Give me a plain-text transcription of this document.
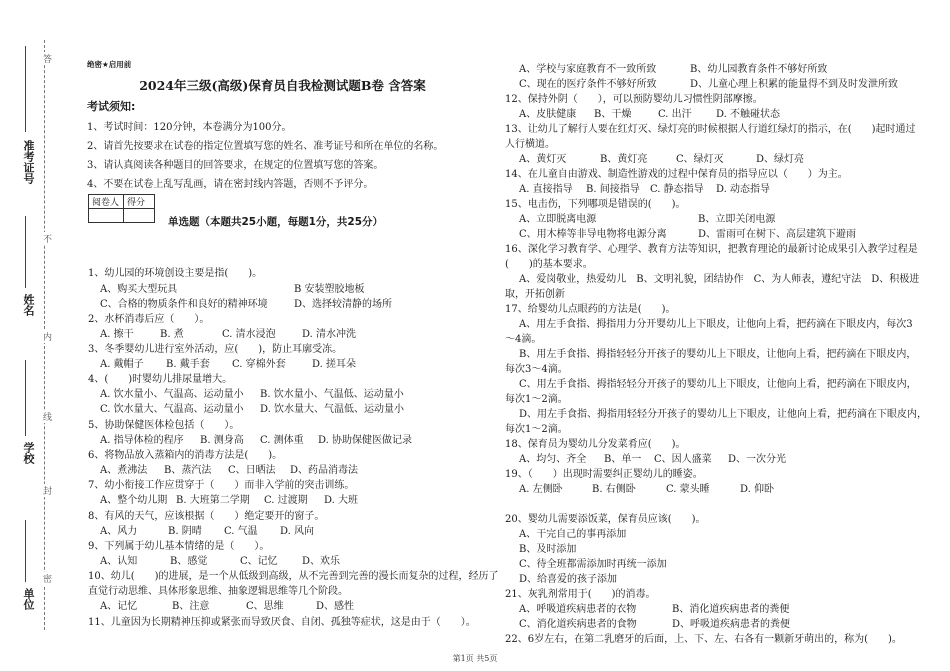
答
不
内
线
封
密
准考证号
姓名
学校
单位
绝密★启用前
2024年三级(高级)保育员自我检测试题B卷 含答案
考试须知:
1、考试时间：120分钟，本卷满分为100分。
2、请首先按要求在试卷的指定位置填写您的姓名、准考证号和所在单位的名称。
3、请认真阅读各种题目的回答要求，在规定的位置填写您的答案。
4、不要在试卷上乱写乱画，请在密封线内答题，否则不予评分。
阅卷人	得分

单选题（本题共25小题，每题1分，共25分）
1、幼儿园的环境创设主要是指(　　)。
A、购买大型玩具	B 安装塑胶地板
C、合格的物质条件和良好的精神环境	D、选择较清静的场所
2、水杯消毒后应（　　）。
A. 擦干	B. 煮	C. 清水浸泡	D. 清水冲洗
3、冬季婴幼儿进行室外活动，应(　　)，防止耳廓受冻。
A. 戴帽子 B. 戴手套 C. 穿棉外套	D. 搓耳朵
4、(　　)时婴幼儿排尿量增大。
A. 饮水量小、气温高、运动量小 B. 饮水量小、气温低、运动量小
C. 饮水量大、气温高、运动量小 D. 饮水量大、气温低、运动量小
5、协助保健医体检包括（　　）。
A. 指导体检的程序 B. 测身高 C. 测体重 D. 协助保健医做记录
6、将物品放入蒸箱内的消毒方法是(　　)。
A、煮沸法 B、蒸汽法 C、日晒法 D、药品消毒法
7、幼小衔接工作应贯穿于（　　）而非入学前的突击训练。
A、整个幼儿期 B. 大班第二学期 C. 过渡期 D. 大班
8、有风的天气，应该根据（　　）绝定要开的窗子。
A、风力	B. 阴晴 C. 气温 D. 风向
9、下列属于幼儿基本情绪的是（　　）。
A、认知	B、感觉	C、记忆 D、欢乐
10、幼儿(　　)的进展，是一个从低级到高级，从不完善到完善的漫长而复杂的过程，经历了
直觉行动思维、具体形象思维、抽象逻辑思维等几个阶段。
A、记忆	B、注意	C、思维	D、感性
11、儿童因为长期精神压抑或紧张而导致厌食、自闭、孤独等症状，这是由于（　　）。
A、学校与家庭教育不一致所致	B、幼儿园教育条件不够好所致
C、现在的医疗条件不够好所致	D、儿童心理上积累的能量得不到及时发泄所致
12、保持外阴（　　），可以预防婴幼儿习惯性阴部摩擦。
A、皮肤健康 B、干燥	C. 出汗 D. 不触碰状态
13、让幼儿了解行人要在红灯灭、绿灯亮的时候根据人行道红绿灯的指示，在(　　)起时通过
人行横道。
A、黄灯灭	B、黄灯亮	C、绿灯灭	D、绿灯亮
14、在儿童自由游戏、制造性游戏的过程中保育员的指导应以（　　）为主。
A. 直接指导 B. 间接指导 C. 静态指导 D. 动态指导
15、电击伤，下列哪项是错误的(　　)。
A、立即脱离电源	B、立即关闭电源
C、用木棒等非导电物将电源分离	D、雷雨可在树下、高层建筑下避雨
16、深化学习教育学、心理学、教育方法等知识，把教育理论的最新讨论成果引入教学过程是
(　　)的基本要求。
A、爱岗敬业，热爱幼儿　B、文明礼貌，团结协作　C、为人师表，遵纪守法　D、积极进
取，开拓创新
17、给婴幼儿点眼药的方法是(　　)。
A、用左手食指、拇指用力分开婴幼儿上下眼皮，让他向上看，把药滴在下眼皮内，每次3
～4滴。
B、用左手食指、拇指轻轻分开孩子的婴幼儿上下眼皮，让他向上看，把药滴在下眼皮内，
每次3～4滴。
C、用左手食指、拇指轻轻分开孩子的婴幼儿上下眼皮，让他向上看，把药滴在下眼皮内，
每次1～2滴。
D、用左手食指、拇指用轻轻分开孩子的婴幼儿上下眼皮，让他向上看，把药滴在下眼皮内，
每次1～2滴。
18、保育员为婴幼儿分发菜肴应(　　)。
A、均匀、齐全 B、单一 C、因人盛菜 D、一次分光
19、（　　）出现时需要纠正婴幼儿的睡姿。
A. 左侧卧	B. 右侧卧	C. 蒙头睡	D. 仰卧
20、婴幼儿需要添饭菜，保育员应该(　　)。
A、干完自己的事再添加
B、及时添加
C、待全班都需添加时再统一添加
D、给喜爱的孩子添加
21、灰乳剂常用于(　　)的消毒。
A、呼吸道疾病患者的衣物	B、消化道疾病患者的粪便
C、消化道疾病患者的食物	D、呼吸道疾病患者的粪便
22、6岁左右，在第二乳磨牙的后面，上、下、左、右各有一颗新牙萌出的，称为(　　)。
第1页 共5页
